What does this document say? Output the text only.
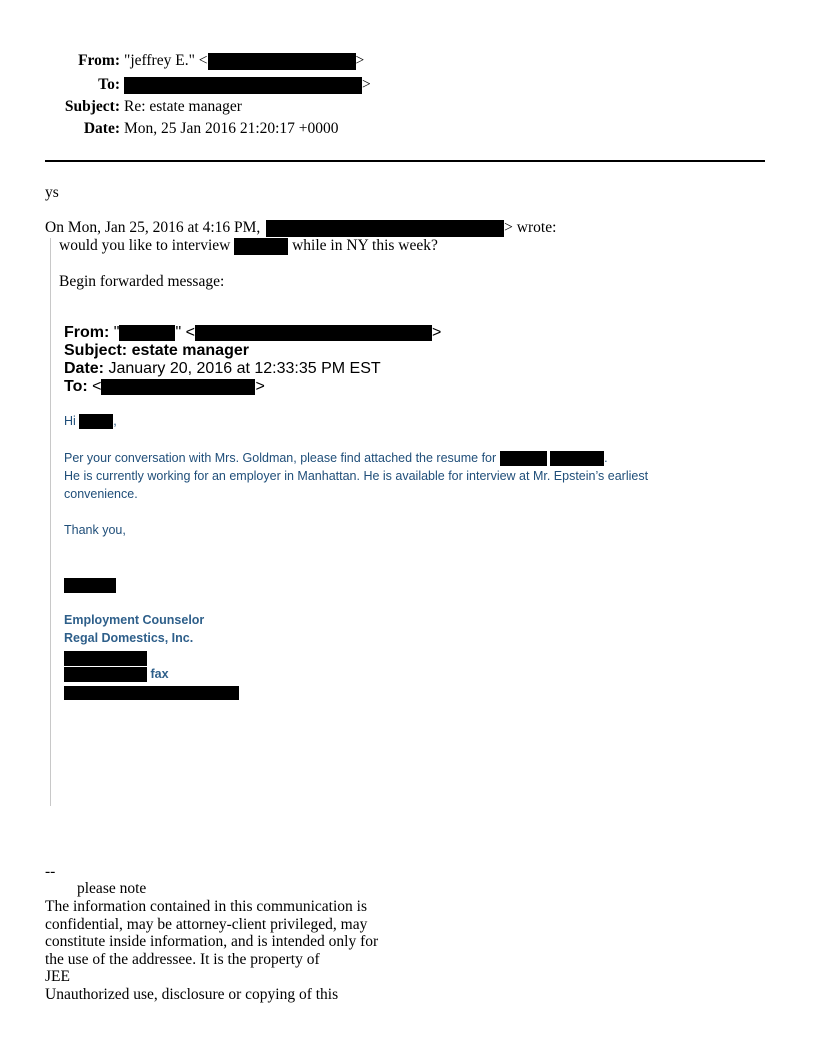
From: "jeffrey E." <	>
To:	>
Subject: Re: estate manager
Date: Mon, 25 Jan 2016 21:20:17 +0000
ys
On Mon, Jan 25, 2016 at 4:16 PM,	> wrote:
would you like to interview	while in NY this week?
Begin forwarded message:
From: "	" <	>
Subject: estate manager
Date: January 20, 2016 at 12:33:35 PM EST
To: <	>
Hi	,
Per your conversation with Mrs. Goldman, please find attached the resume for	.
He is currently working for an employer in Manhattan. He is available for interview at Mr. Epstein’s earliest
convenience.
Thank you,
Employment Counselor
Regal Domestics, Inc.
fax
--
please note
The information contained in this communication is
confidential, may be attorney-client privileged, may
constitute inside information, and is intended only for
the use of the addressee. It is the property of
JEE
Unauthorized use, disclosure or copying of this
